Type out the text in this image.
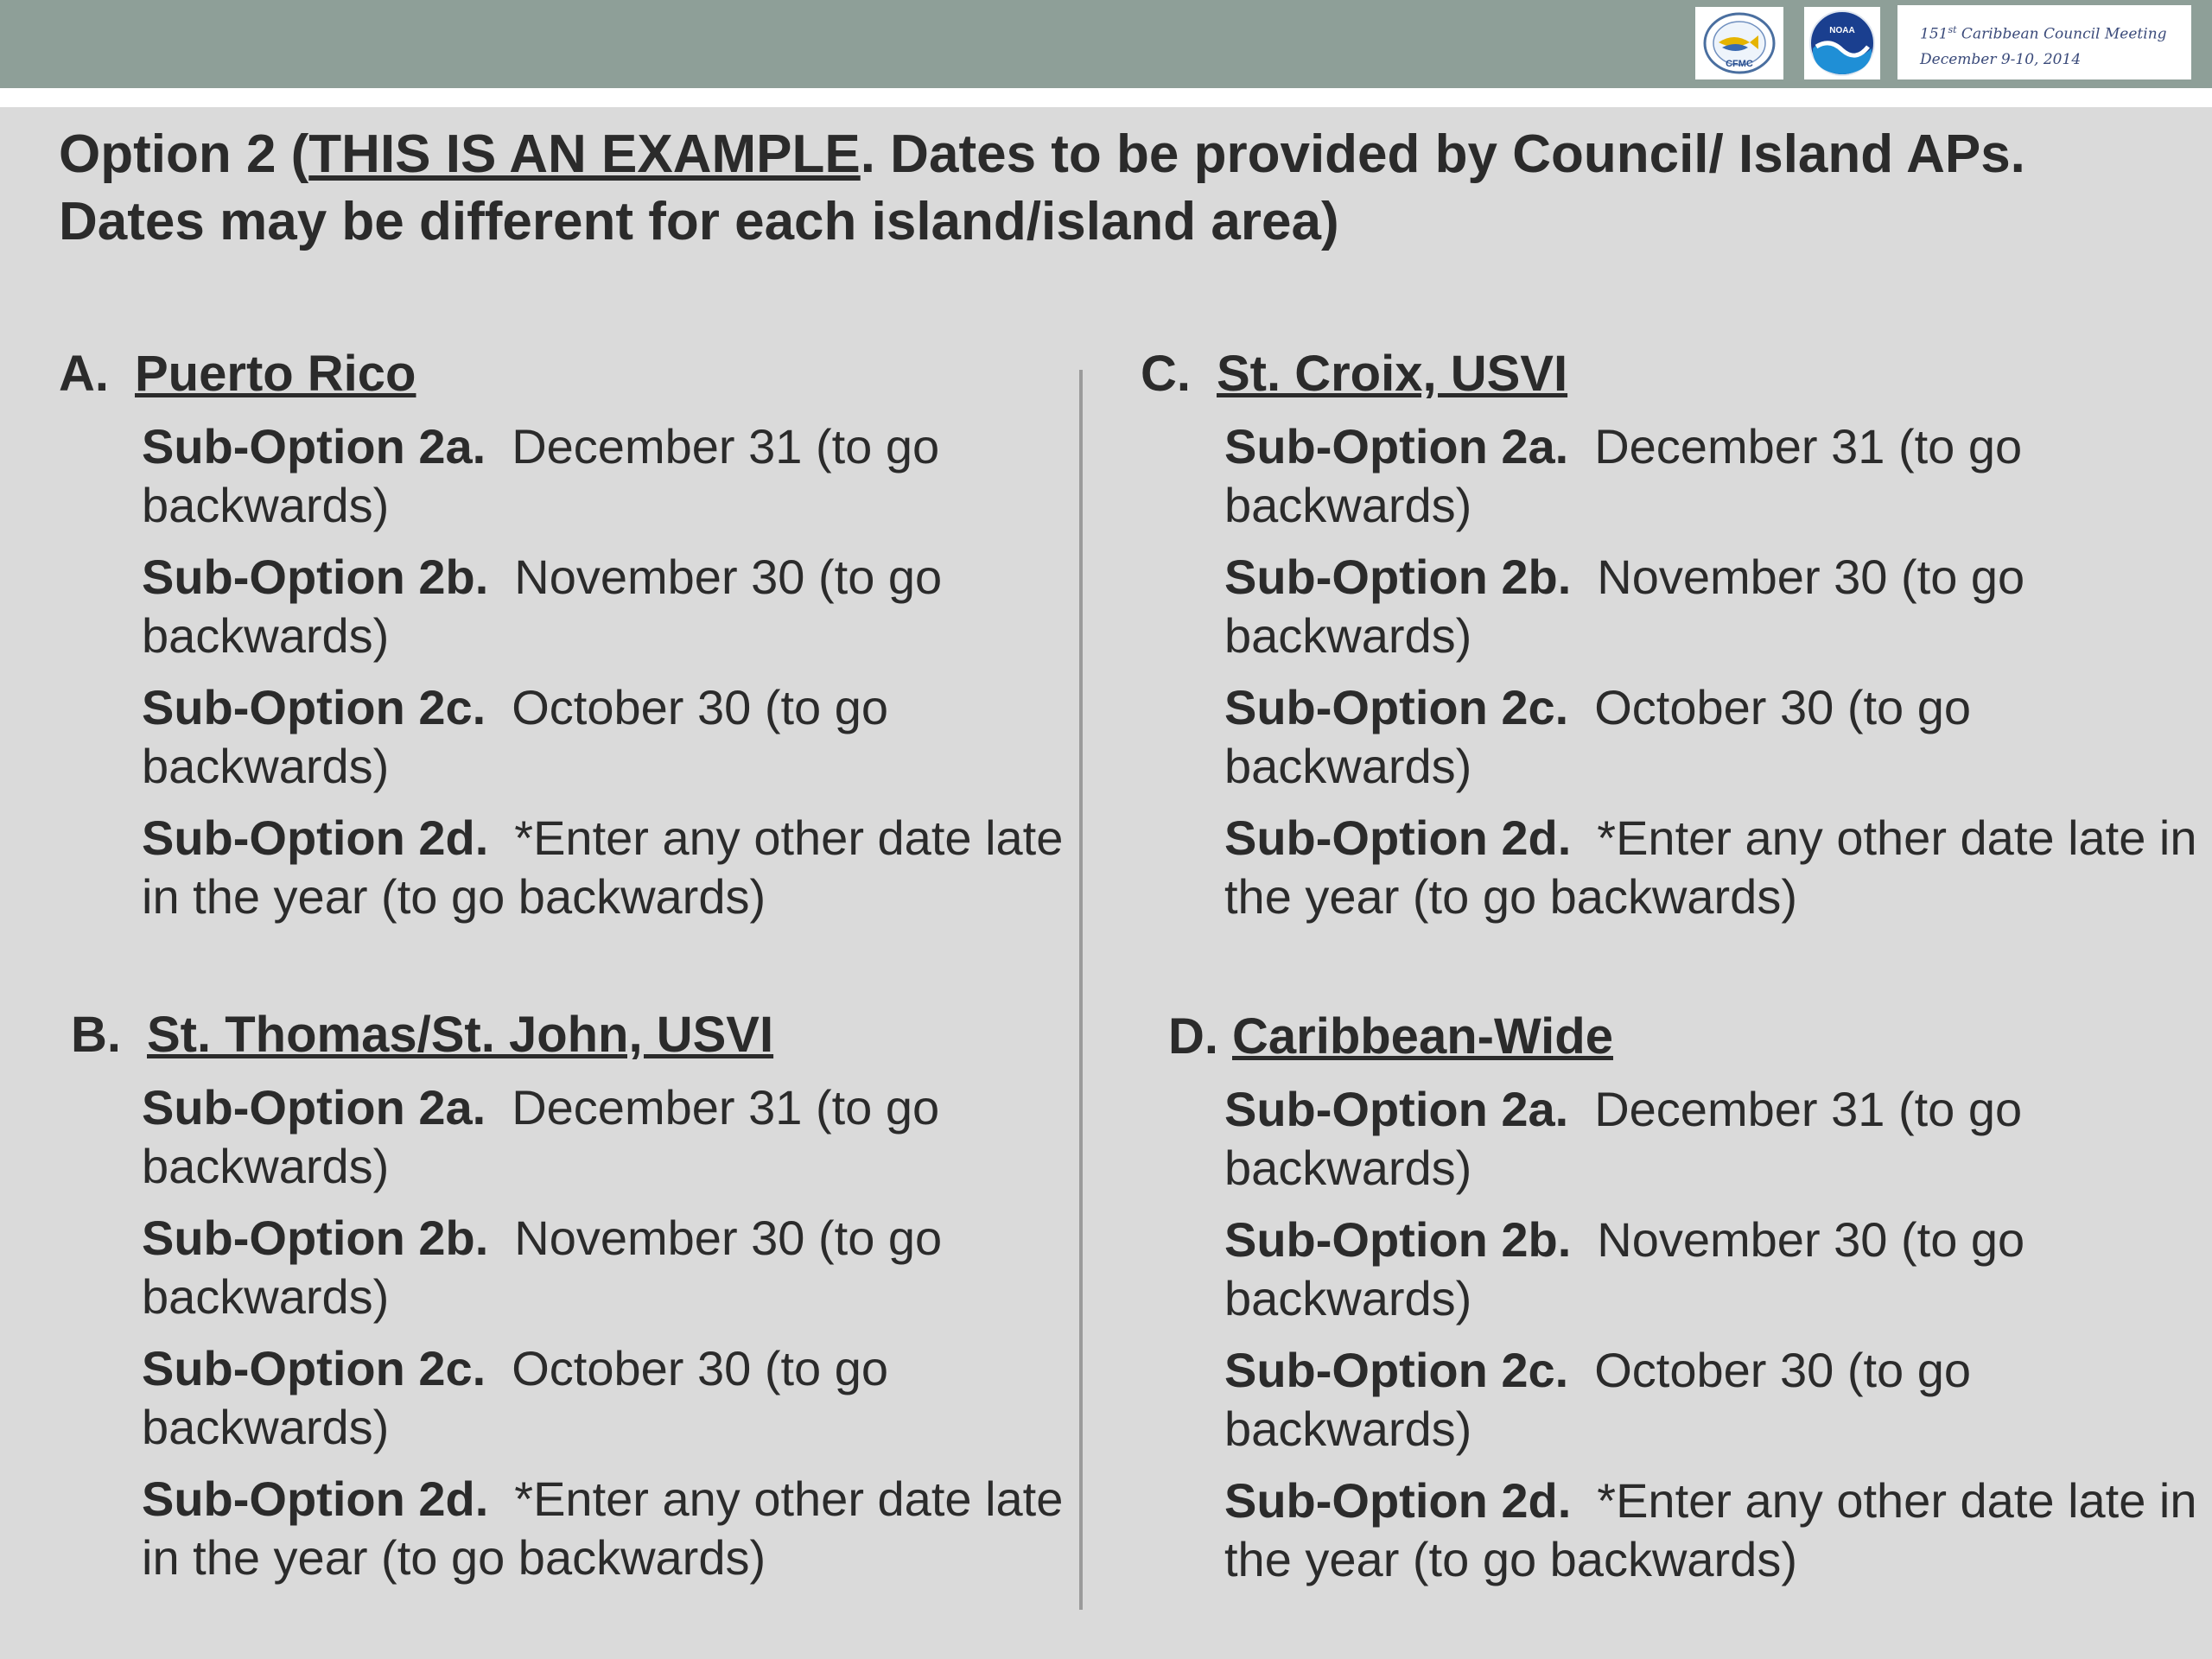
CFMC
NOAA	151st Caribbean Council Meeting
December 9-10, 2014
Option 2 (THIS IS AN EXAMPLE. Dates to be provided by Council/ Island APs. Dates may be different for each island/island area)
A. Puerto Rico
Sub-Option 2a. December 31 (to go backwards)
Sub-Option 2b. November 30 (to go backwards)
Sub-Option 2c. October 30 (to go backwards)
Sub-Option 2d. *Enter any other date late in the year (to go backwards)
B. St. Thomas/St. John, USVI
Sub-Option 2a. December 31 (to go backwards)
Sub-Option 2b. November 30 (to go backwards)
Sub-Option 2c. October 30 (to go backwards)
Sub-Option 2d. *Enter any other date late in the year (to go backwards)
C. St. Croix, USVI
Sub-Option 2a. December 31 (to go backwards)
Sub-Option 2b. November 30 (to go backwards)
Sub-Option 2c. October 30 (to go backwards)
Sub-Option 2d. *Enter any other date late in the year (to go backwards)
D. Caribbean-Wide
Sub-Option 2a. December 31 (to go backwards)
Sub-Option 2b. November 30 (to go backwards)
Sub-Option 2c. October 30 (to go backwards)
Sub-Option 2d. *Enter any other date late in the year (to go backwards)
